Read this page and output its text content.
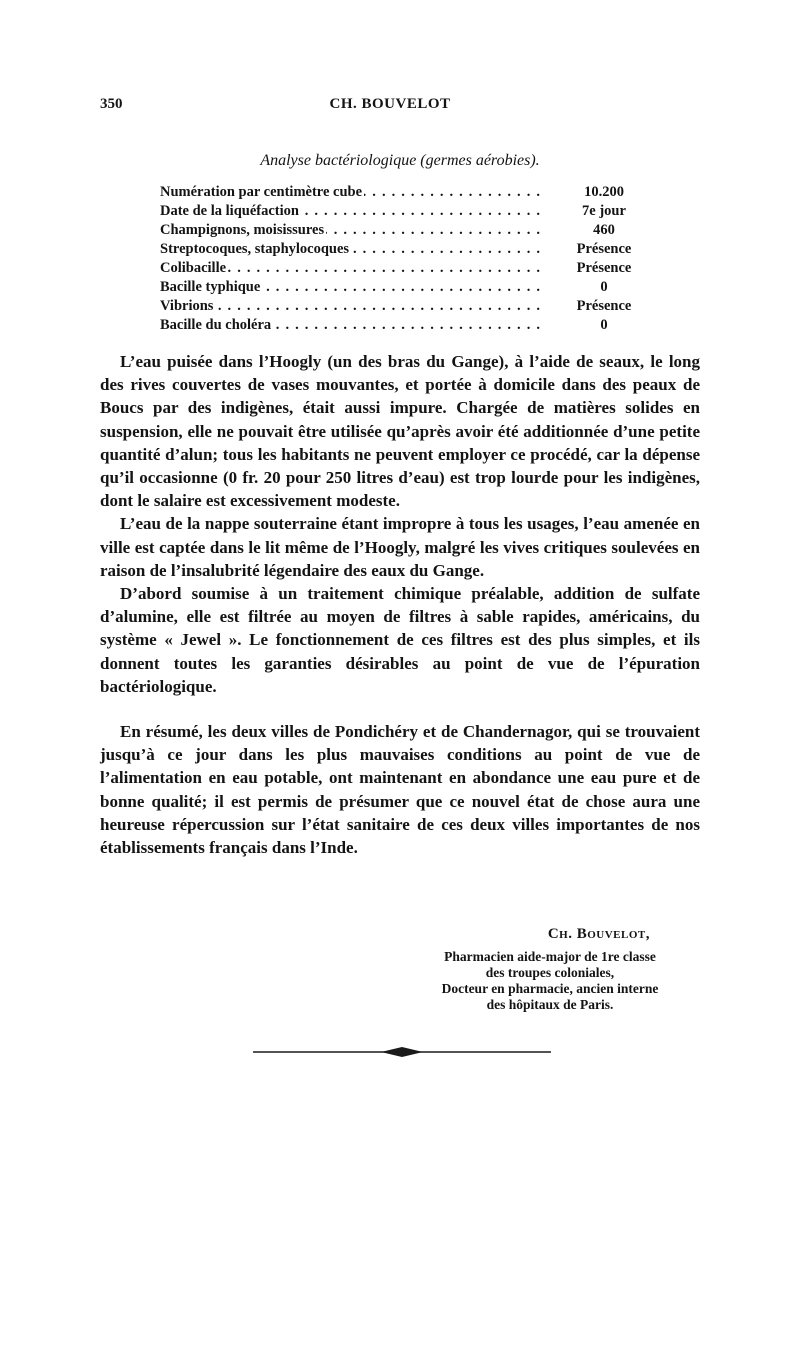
350	CH. BOUVELOT
Analyse bactériologique (germes aérobies).
Numération par centimètre cube . . .	10.200
Date de la liquéfaction . . .	7e jour
Champignons, moisissures . . .	460
Streptocoques, staphylocoques . . .	Présence
Colibacille . . .	Présence
Bacille typhique . . .	0
Vibrions . . .	Présence
Bacille du choléra . . .	0

L’eau puisée dans l’Hoogly (un des bras du Gange), à l’aide de seaux, le long des rives couvertes de vases mouvantes, et portée à domicile dans des peaux de Boucs par des indigènes, était aussi impure. Chargée de matières solides en suspension, elle ne pouvait être utilisée qu’après avoir été additionnée d’une petite quantité d’alun; tous les habitants ne peuvent employer ce procédé, car la dépense qu’il occasionne (0 fr. 20 pour 250 litres d’eau) est trop lourde pour les indigènes, dont le salaire est excessivement modeste.

L’eau de la nappe souterraine étant impropre à tous les usages, l’eau amenée en ville est captée dans le lit même de l’Hoogly, malgré les vives critiques soulevées en raison de l’insalubrité légendaire des eaux du Gange.

D’abord soumise à un traitement chimique préalable, addition de sulfate d’alumine, elle est filtrée au moyen de filtres à sable rapides, américains, du système « Jewel ». Le fonctionnement de ces filtres est des plus simples, et ils donnent toutes les garanties désirables au point de vue de l’épuration bactériologique.

En résumé, les deux villes de Pondichéry et de Chandernagor, qui se trouvaient jusqu’à ce jour dans les plus mauvaises conditions au point de vue de l’alimentation en eau potable, ont maintenant en abondance une eau pure et de bonne qualité; il est permis de présumer que ce nouvel état de chose aura une heureuse répercussion sur l’état sanitaire de ces deux villes importantes de nos établissements français dans l’Inde.

Ch. Bouvelot,
Pharmacien aide-major de 1re classe
des troupes coloniales,
Docteur en pharmacie, ancien interne
des hôpitaux de Paris.
